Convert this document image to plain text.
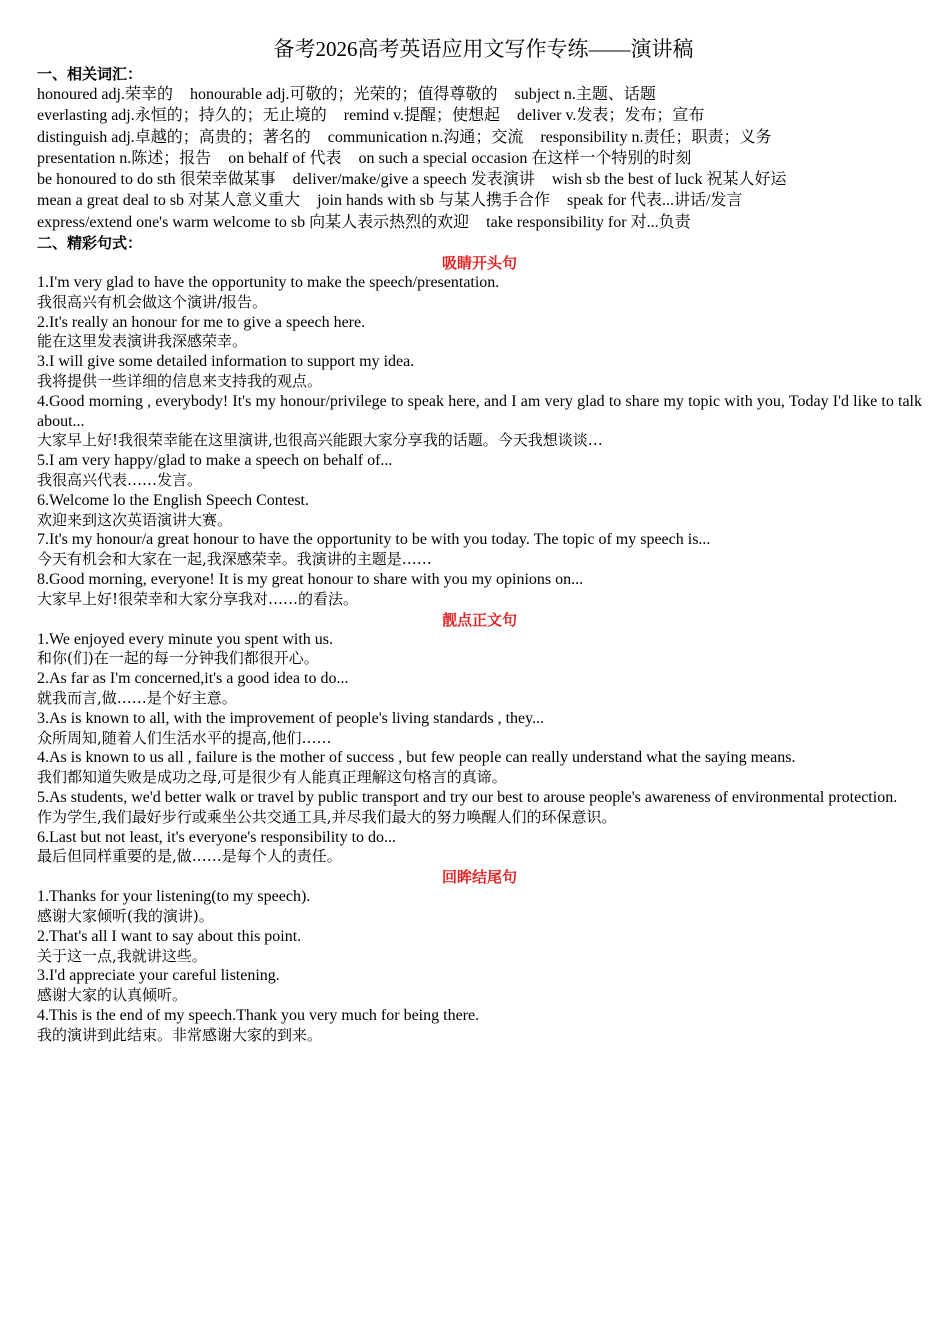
备考2026高考英语应用文写作专练——演讲稿
一、相关词汇：
honoured adj.荣幸的 honourable adj.可敬的；光荣的；值得尊敬的 subject n.主题、话题
everlasting adj.永恒的；持久的；无止境的 remind v.提醒；使想起 deliver v.发表；发布；宣布
distinguish adj.卓越的；高贵的；著名的 communication n.沟通；交流 responsibility n.责任；职责；义务
presentation n.陈述；报告 on behalf of 代表 on such a special occasion 在这样一个特别的时刻
be honoured to do sth 很荣幸做某事 deliver/make/give a speech 发表演讲 wish sb the best of luck 祝某人好运
mean a great deal to sb 对某人意义重大 join hands with sb 与某人携手合作 speak for 代表...讲话/发言
express/extend one's warm welcome to sb 向某人表示热烈的欢迎 take responsibility for 对...负责
二、精彩句式：
吸睛开头句
1.I'm very glad to have the opportunity to make the speech/presentation.
我很高兴有机会做这个演讲/报告。
2.It's really an honour for me to give a speech here.
能在这里发表演讲我深感荣幸。
3.I will give some detailed information to support my idea.
我将提供一些详细的信息来支持我的观点。
4.Good morning , everybody! It's my honour/privilege to speak here, and I am very glad to share my topic with you, Today I'd like to talk about...
大家早上好!我很荣幸能在这里演讲,也很高兴能跟大家分享我的话题。今天我想谈谈…
5.I am very happy/glad to make a speech on behalf of...
我很高兴代表……发言。
6.Welcome lo the English Speech Contest.
欢迎来到这次英语演讲大赛。
7.It's my honour/a great honour to have the opportunity to be with you today. The topic of my speech is...
今天有机会和大家在一起,我深感荣幸。我演讲的主题是……
8.Good morning, everyone! It is my great honour to share with you my opinions on...
大家早上好!很荣幸和大家分享我对……的看法。
靓点正文句
1.We enjoyed every minute you spent with us.
和你(们)在一起的每一分钟我们都很开心。
2.As far as I'm concerned,it's a good idea to do...
就我而言,做……是个好主意。
3.As is known to all, with the improvement of people's living standards , they...
众所周知,随着人们生活水平的提高,他们……
4.As is known to us all , failure is the mother of success , but few people can really understand what the saying means.
我们都知道失败是成功之母,可是很少有人能真正理解这句格言的真谛。
5.As students, we'd better walk or travel by public transport and try our best to arouse people's awareness of environmental protection.
作为学生,我们最好步行或乘坐公共交通工具,并尽我们最大的努力唤醒人们的环保意识。
6.Last but not least, it's everyone's responsibility to do...
最后但同样重要的是,做……是每个人的责任。
回眸结尾句
1.Thanks for your listening(to my speech).
感谢大家倾听(我的演讲)。
2.That's all I want to say about this point.
关于这一点,我就讲这些。
3.I'd appreciate your careful listening.
感谢大家的认真倾听。
4.This is the end of my speech.Thank you very much for being there.
我的演讲到此结束。非常感谢大家的到来。
